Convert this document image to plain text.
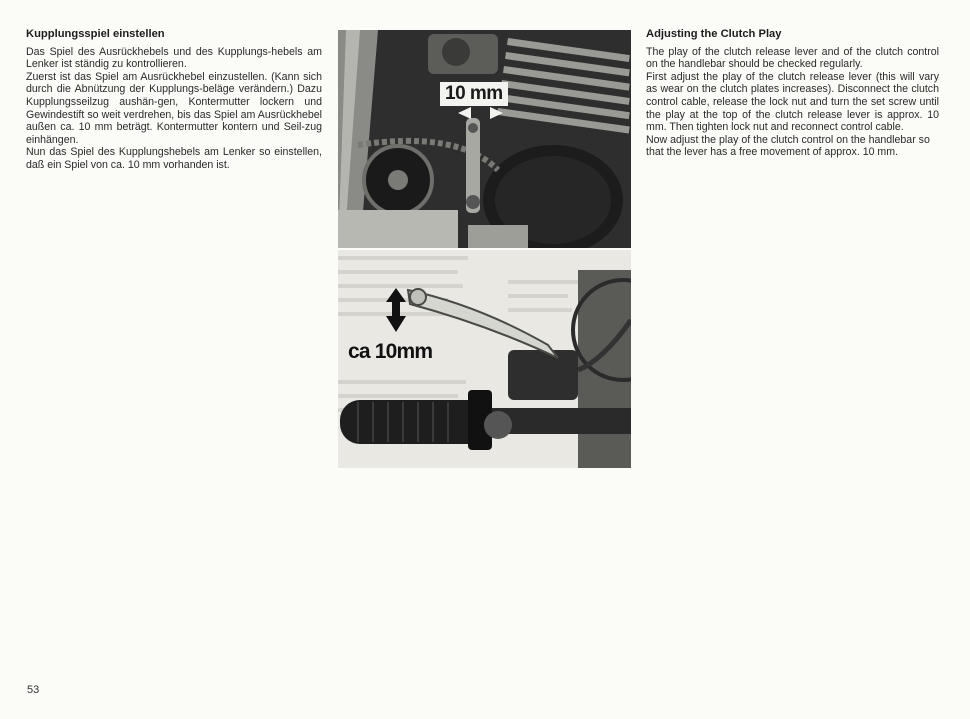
Kupplungsspiel einstellen

Das Spiel des Ausrückhebels und des Kupplungs-hebels am Lenker ist ständig zu kontrollieren.

Zuerst ist das Spiel am Ausrückhebel einzustellen. (Kann sich durch die Abnützung der Kupplungs-beläge verändern.) Dazu Kupplungsseilzug aushän-gen, Kontermutter lockern und Gewindestift so weit verdrehen, bis das Spiel am Ausrückhebel außen ca. 10 mm beträgt. Kontermutter kontern und Seil-zug einhängen.

Nun das Spiel des Kupplungshebels am Lenker so einstellen, daß ein Spiel von ca. 10 mm vorhanden ist.

10 mm
ca 10mm
Adjusting the Clutch Play

The play of the clutch release lever and of the clutch control on the handlebar should be checked regularly.

First adjust the play of the clutch release lever (this will vary as wear on the clutch plates increases). Disconnect the clutch control cable, release the lock nut and turn the set screw until the play at the top of the clutch release lever is approx. 10 mm. Then tighten lock nut and reconnect control cable.

Now adjust the play of the clutch control on the handlebar so that the lever has a free movement of approx. 10 mm.

53
